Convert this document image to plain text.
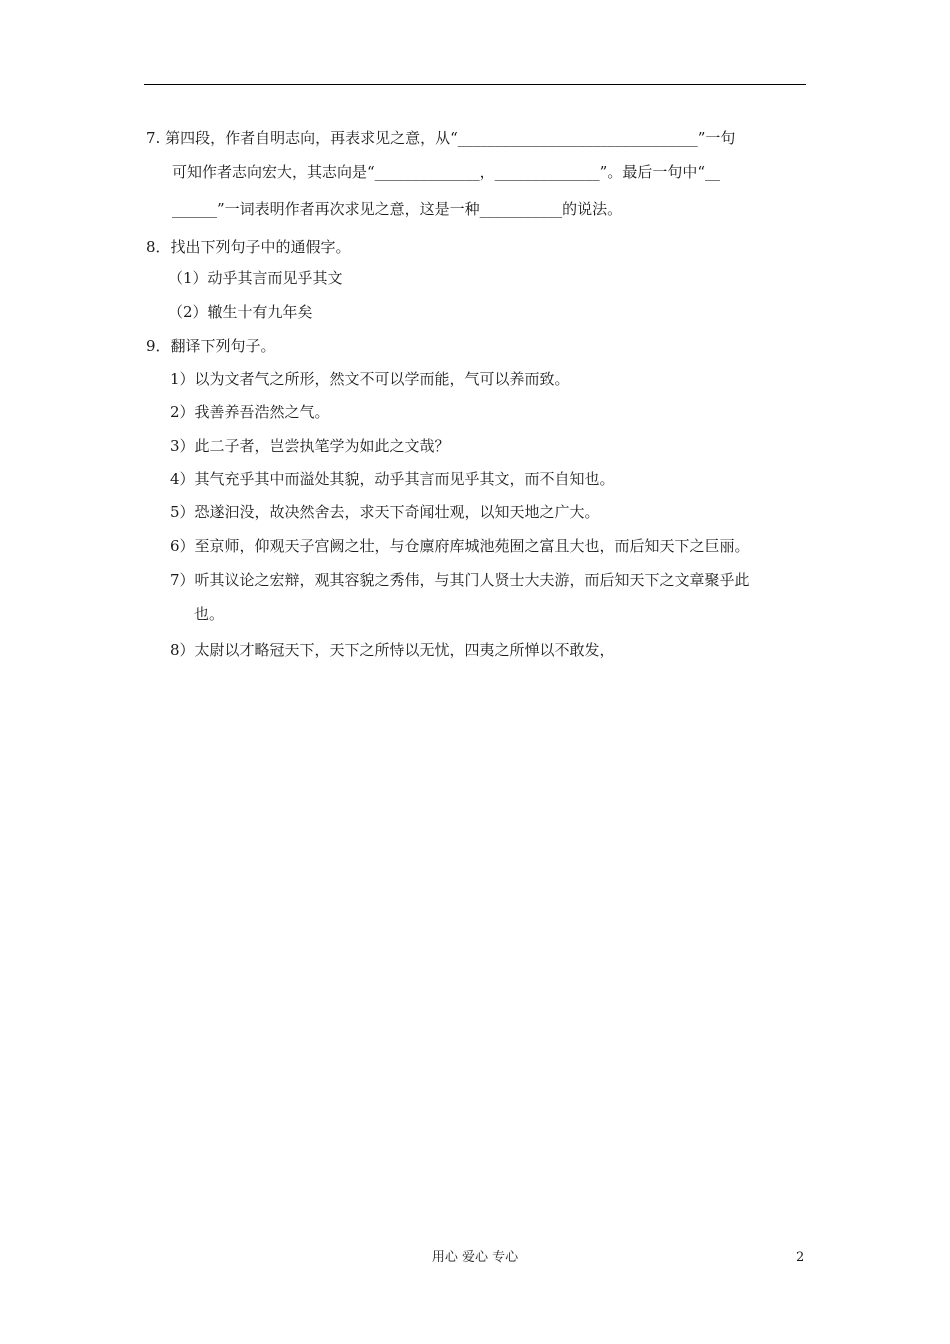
7. 第四段，作者自明志向，再表求见之意，从“________________________________”一句
可知作者志向宏大，其志向是“______________，______________”。最后一句中“__
______”一词表明作者再次求见之意，这是一种___________的说法。
8．找出下列句子中的通假字。
（1）动乎其言而见乎其文
（2）辙生十有九年矣
9．翻译下列句子。
1）以为文者气之所形，然文不可以学而能，气可以养而致。
2）我善养吾浩然之气。
3）此二子者，岂尝执笔学为如此之文哉？
4）其气充乎其中而溢处其貌，动乎其言而见乎其文，而不自知也。
5）恐遂汩没，故决然舍去，求天下奇闻壮观，以知天地之广大。
6）至京师，仰观天子宫阙之壮，与仓廪府库城池苑囿之富且大也，而后知天下之巨丽。
7）听其议论之宏辩，观其容貌之秀伟，与其门人贤士大夫游，而后知天下之文章聚乎此
也。
8）太尉以才略冠天下，天下之所恃以无忧，四夷之所惮以不敢发，
用心 爱心 专心	2
